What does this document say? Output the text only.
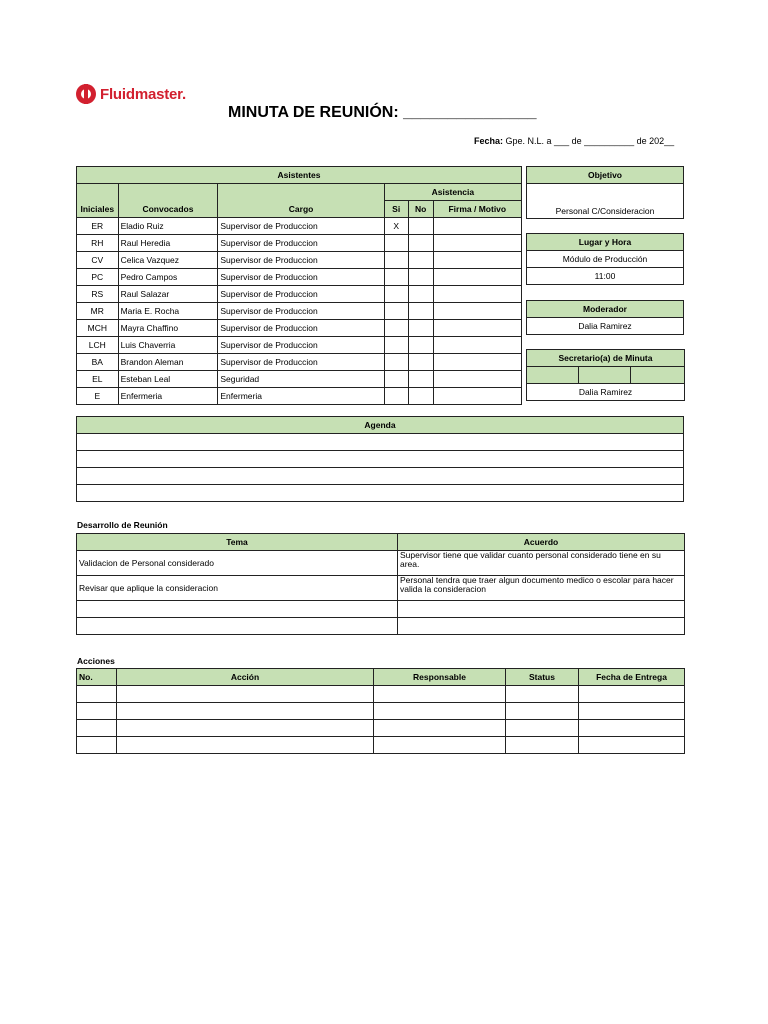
Fluidmaster.
MINUTA DE REUNIÓN: _______________
Fecha: Gpe. N.L. a ___ de __________ de 202__
Asistentes					
			Asistencia		
Iniciales	Convocados	Cargo	Si	No	Firma / Motivo
ER	Eladio Ruiz	Supervisor de Produccion	X		
RH	Raul Heredia	Supervisor de Produccion			
CV	Celica Vazquez	Supervisor de Produccion			
PC	Pedro Campos	Supervisor de Produccion			
RS	Raul Salazar	Supervisor de Produccion			
MR	Maria E. Rocha	Supervisor de Produccion			
MCH	Mayra Chaffino	Supervisor de Produccion			
LCH	Luis Chaverria	Supervisor de Produccion			
BA	Brandon Aleman	Supervisor de Produccion			
EL	Esteban Leal	Seguridad			
E	Enfermeria	Enfermeria			
Objetivo
Personal C/Consideracion
Lugar y Hora
Módulo de Producción
11:00
Moderador
Dalia Ramirez
Secretario(a) de Minuta

Dalia Ramirez
Agenda

Desarrollo de Reunión
Tema	Acuerdo
Validacion de Personal considerado	Supervisor tiene que validar cuanto personal considerado tiene en su area.
Revisar que aplique la consideracion	Personal tendra que traer algun documento medico o escolar para hacer valida la consideracion

Acciones
No.	Acción	Responsable	Status	Fecha de Entrega
